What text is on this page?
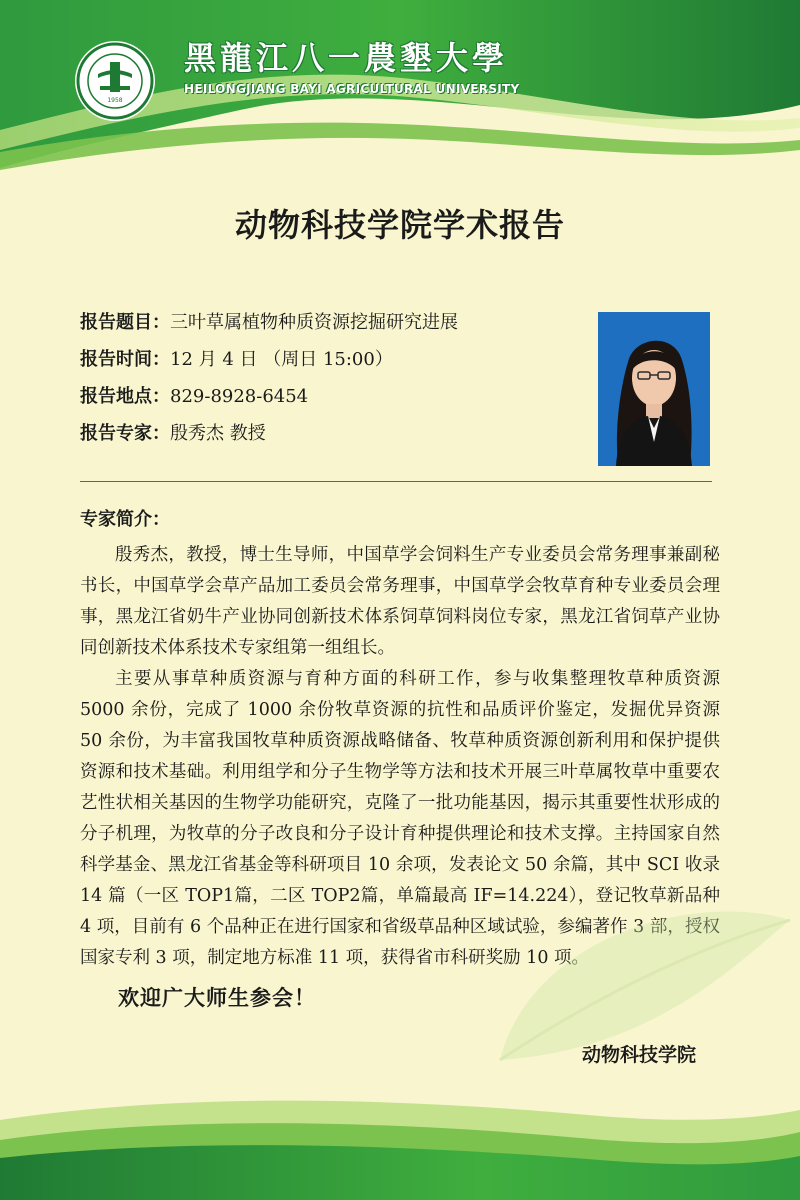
1958
黑龍江八一農墾大學
HEILONGJIANG BAYI AGRICULTURAL UNIVERSITY
动物科技学院学术报告
报告题目：三叶草属植物种质资源挖掘研究进展
报告时间：12 月 4 日 （周日 15:00）
报告地点：829-8928-6454
报告专家：殷秀杰 教授
专家简介：

殷秀杰，教授，博士生导师，中国草学会饲料生产专业委员会常务理事兼副秘书长，中国草学会草产品加工委员会常务理事，中国草学会牧草育种专业委员会理事，黑龙江省奶牛产业协同创新技术体系饲草饲料岗位专家，黑龙江省饲草产业协同创新技术体系技术专家组第一组组长。

主要从事草种质资源与育种方面的科研工作，参与收集整理牧草种质资源 5000 余份，完成了 1000 余份牧草资源的抗性和品质评价鉴定，发掘优异资源 50 余份，为丰富我国牧草种质资源战略储备、牧草种质资源创新利用和保护提供资源和技术基础。利用组学和分子生物学等方法和技术开展三叶草属牧草中重要农艺性状相关基因的生物学功能研究，克隆了一批功能基因，揭示其重要性状形成的分子机理，为牧草的分子改良和分子设计育种提供理论和技术支撑。主持国家自然科学基金、黑龙江省基金等科研项目 10 余项，发表论文 50 余篇，其中 SCI 收录 14 篇（一区 TOP1篇，二区 TOP2篇，单篇最高 IF=14.224），登记牧草新品种 4 项，目前有 6 个品种正在进行国家和省级草品种区域试验，参编著作 3 部，授权国家专利 3 项，制定地方标准 11 项，获得省市科研奖励 10 项。

欢迎广大师生参会！
动物科技学院
